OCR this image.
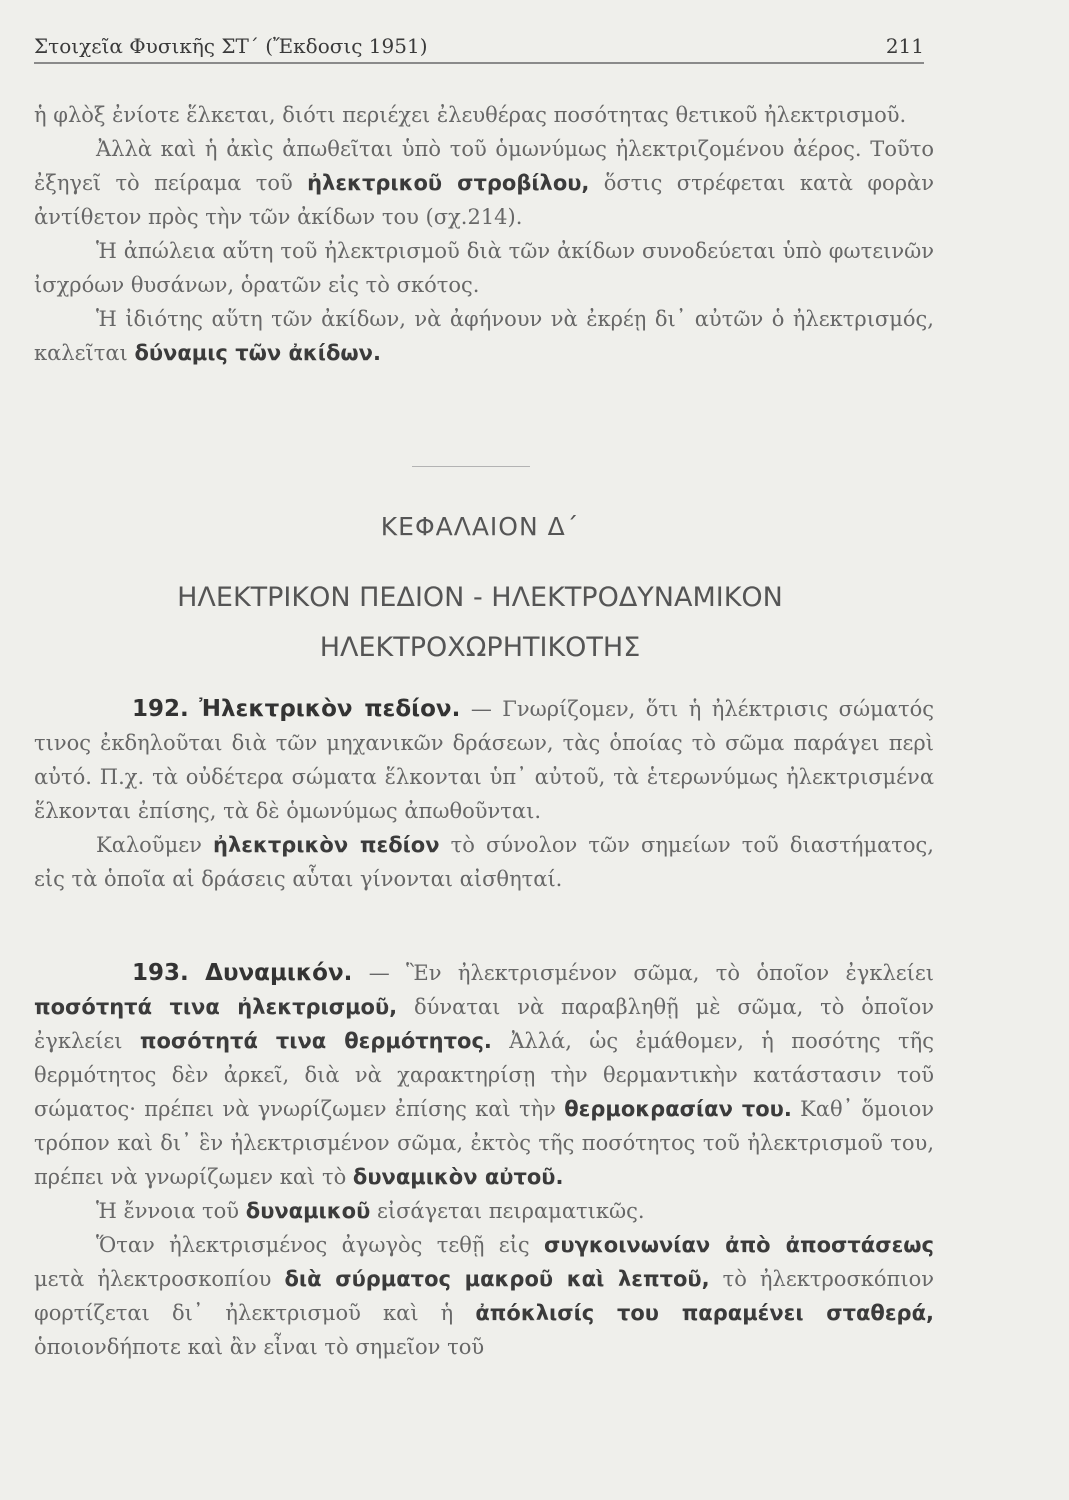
Στοιχεῖα Φυσικῆς ΣΤ΄ (Ἔκδοσις 1951)	211

ἡ φλὸξ ἐνίοτε ἕλκεται, διότι περιέχει ἐλευθέρας ποσότητας θετικοῦ ἠλεκτρισμοῦ.

Ἀλλὰ καὶ ἡ ἀκὶς ἀπωθεῖται ὑπὸ τοῦ ὁμωνύμως ἠλεκτριζομένου ἀέρος. Τοῦτο ἐξηγεῖ τὸ πείραμα τοῦ ἠλεκτρικοῦ στροβίλου, ὅστις στρέφεται κατὰ φορὰν ἀντίθετον πρὸς τὴν τῶν ἀκίδων του (σχ.214).

Ἡ ἀπώλεια αὕτη τοῦ ἠλεκτρισμοῦ διὰ τῶν ἀκίδων συνοδεύεται ὑπὸ φωτεινῶν ἰσχρόων θυσάνων, ὁρατῶν εἰς τὸ σκότος.

Ἡ ἰδιότης αὕτη τῶν ἀκίδων, νὰ ἀφήνουν νὰ ἐκρέῃ δι᾽ αὐτῶν ὁ ἠλεκτρισμός, καλεῖται δύναμις τῶν ἀκίδων.

ΚΕΦΑΛΑΙΟΝ Δ΄
ΗΛΕΚΤΡΙΚΟΝ ΠΕΔΙΟΝ - ΗΛΕΚΤΡΟΔΥΝΑΜΙΚΟΝ
ΗΛΕΚΤΡΟΧΩΡΗΤΙΚΟΤΗΣ

192. Ἠλεκτρικὸν πεδίον. — Γνωρίζομεν, ὅτι ἡ ἠλέκτρισις σώματός τινος ἐκδηλοῦται διὰ τῶν μηχανικῶν δράσεων, τὰς ὁποίας τὸ σῶμα παράγει περὶ αὐτό. Π.χ. τὰ οὐδέτερα σώματα ἕλκονται ὑπ᾽ αὐτοῦ, τὰ ἑτερωνύμως ἠλεκτρισμένα ἕλκονται ἐπίσης, τὰ δὲ ὁμωνύμως ἀπωθοῦνται.

Καλοῦμεν ἠλεκτρικὸν πεδίον τὸ σύνολον τῶν σημείων τοῦ διαστήματος, εἰς τὰ ὁποῖα αἱ δράσεις αὗται γίνονται αἰσθηταί.

193. Δυναμικόν. — Ἓν ἠλεκτρισμένον σῶμα, τὸ ὁποῖον ἐγκλείει ποσότητά τινα ἠλεκτρισμοῦ, δύναται νὰ παραβληθῇ μὲ σῶμα, τὸ ὁποῖον ἐγκλείει ποσότητά τινα θερμότητος. Ἀλλά, ὡς ἐμάθομεν, ἡ ποσότης τῆς θερμότητος δὲν ἀρκεῖ, διὰ νὰ χαρακτηρίσῃ τὴν θερμαντικὴν κατάστασιν τοῦ σώματος· πρέπει νὰ γνωρίζωμεν ἐπίσης καὶ τὴν θερμοκρασίαν του. Καθ᾽ ὅμοιον τρόπον καὶ δι᾽ ἓν ἠλεκτρισμένον σῶμα, ἐκτὸς τῆς ποσότητος τοῦ ἠλεκτρισμοῦ του, πρέπει νὰ γνωρίζωμεν καὶ τὸ δυναμικὸν αὐτοῦ.

Ἡ ἔννοια τοῦ δυναμικοῦ εἰσάγεται πειραματικῶς.

Ὅταν ἠλεκτρισμένος ἀγωγὸς τεθῇ εἰς συγκοινωνίαν ἀπὸ ἀποστάσεως μετὰ ἠλεκτροσκοπίου διὰ σύρματος μακροῦ καὶ λεπτοῦ, τὸ ἠλεκτροσκόπιον φορτίζεται δι᾽ ἠλεκτρισμοῦ καὶ ἡ ἀπόκλισίς του παραμένει σταθερά, ὁποιονδήποτε καὶ ἂν εἶναι τὸ σημεῖον τοῦ
